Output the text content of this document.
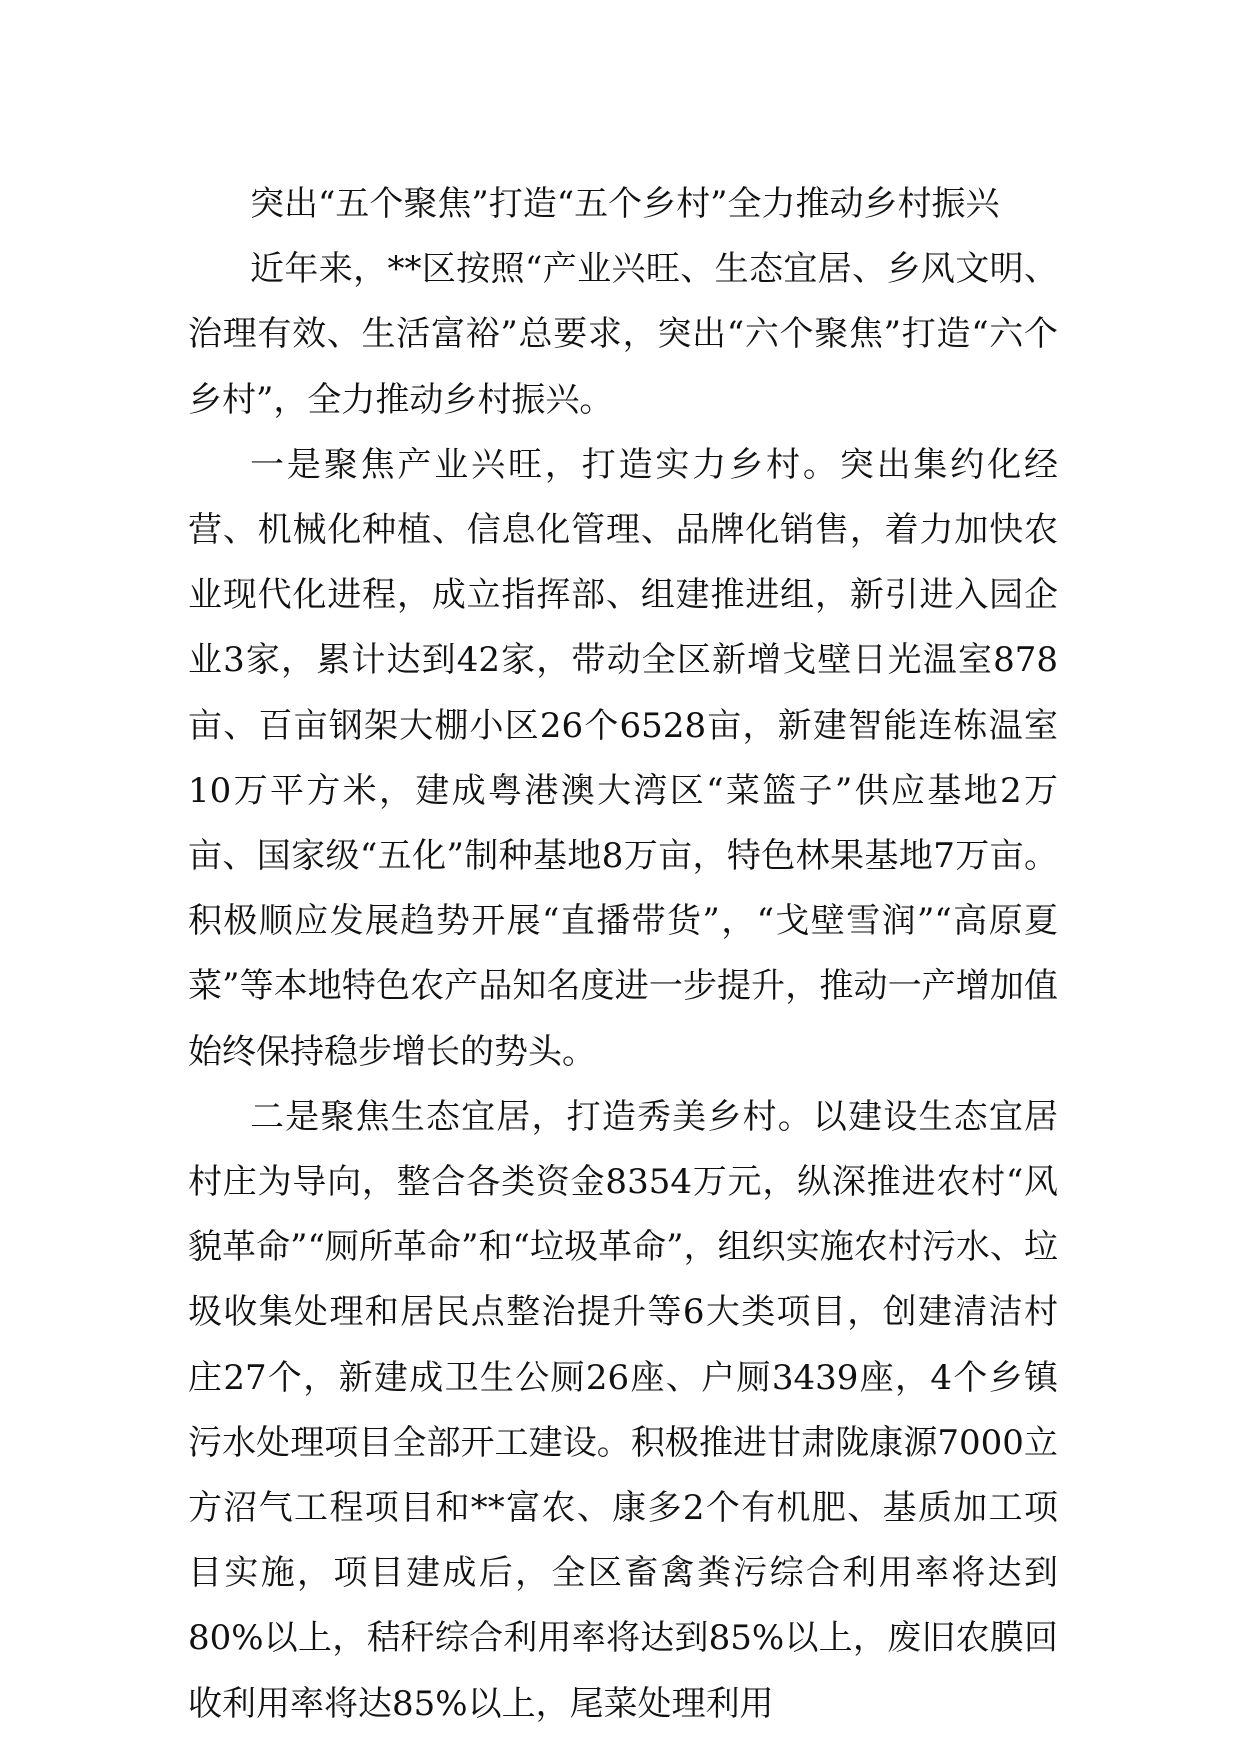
突出“五个聚焦”打造“五个乡村”全力推动乡村振兴

近年来，**区按照“产业兴旺、生态宜居、乡风文明、治理有效、生活富裕”总要求，突出“六个聚焦”打造“六个乡村”，全力推动乡村振兴。

一是聚焦产业兴旺，打造实力乡村。突出集约化经营、机械化种植、信息化管理、品牌化销售，着力加快农业现代化进程，成立指挥部、组建推进组，新引进入园企业3家，累计达到42家，带动全区新增戈壁日光温室878亩、百亩钢架大棚小区26个6528亩，新建智能连栋温室10万平方米，建成粤港澳大湾区“菜篮子”供应基地2万亩、国家级“五化”制种基地8万亩，特色林果基地7万亩。积极顺应发展趋势开展“直播带货”，“戈壁雪润”“高原夏菜”等本地特色农产品知名度进一步提升，推动一产增加值始终保持稳步增长的势头。

二是聚焦生态宜居，打造秀美乡村。以建设生态宜居村庄为导向，整合各类资金8354万元，纵深推进农村“风貌革命”“厕所革命”和“垃圾革命”，组织实施农村污水、垃圾收集处理和居民点整治提升等6大类项目，创建清洁村庄27个，新建成卫生公厕26座、户厕3439座，4个乡镇污水处理项目全部开工建设。积极推进甘肃陇康源7000立方沼气工程项目和**富农、康多2个有机肥、基质加工项目实施，项目建成后，全区畜禽粪污综合利用率将达到80%以上，秸秆综合利用率将达到85%以上，废旧农膜回收利用率将达85%以上，尾菜处理利用
